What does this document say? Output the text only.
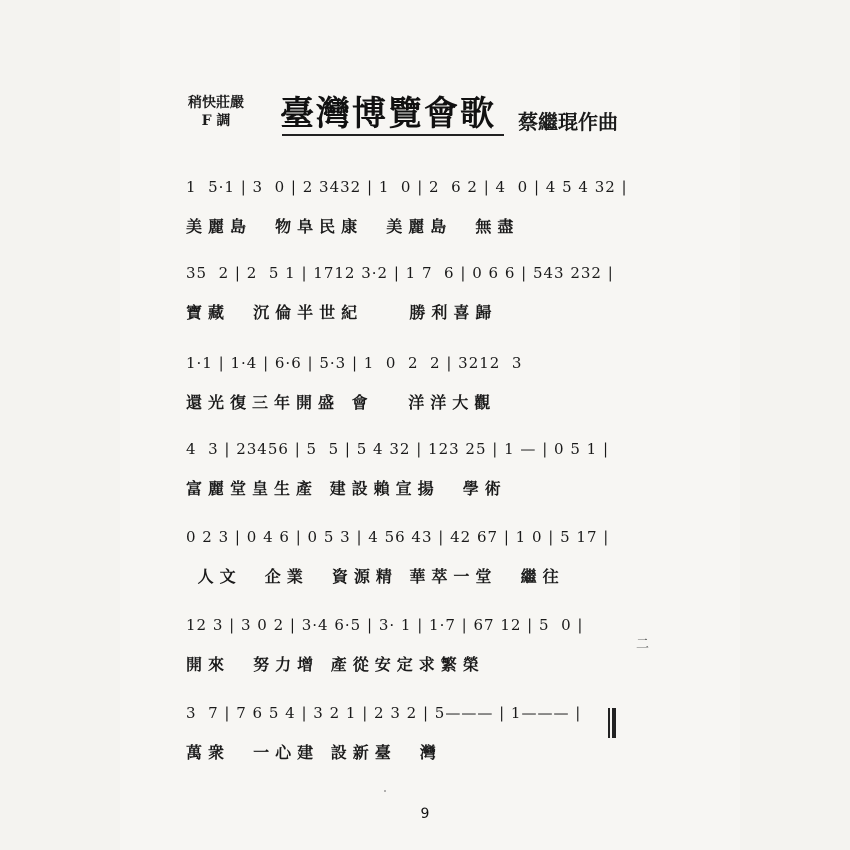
稍快莊嚴
F 調	臺灣博覽會歌 蔡繼琨作曲
1  5·1 | 3  0 | 2 3432 | 1  0 | 2  6 2 | 4  0 | 4 5 4 32 |
美麗島  物阜民康  美麗島  無盡
35  2 | 2  5 1 | 1712 3·2 | 1 7  6 | 0 6 6 | 543 232 |
寶藏  沉倫半世紀    勝利喜歸
1·1 | 1·4 | 6·6 | 5·3 | 1  0  2  2 | 3212  3
還光復三年開盛 會   洋洋大觀
4  3 | 23456 | 5  5 | 5 4 32 | 123 25 | 1 — | 0 5 1 |
富麗堂皇生產 建設賴宣揚  學術
0 2 3 | 0 4 6 | 0 5 3 | 4 56 43 | 42 67 | 1 0 | 5 17 |
人文  企業  資源精 華萃一堂  繼往
12 3 | 3 0 2 | 3·4 6·5 | 3· 1 | 1·7 | 67 12 | 5  0 |
開來  努力增 產從安定求繁榮
3  7 | 7 6 5 4 | 3 2 1 | 2 3 2 | 5——— | 1——— |
萬衆  一心建 設新臺  灣
二
9
